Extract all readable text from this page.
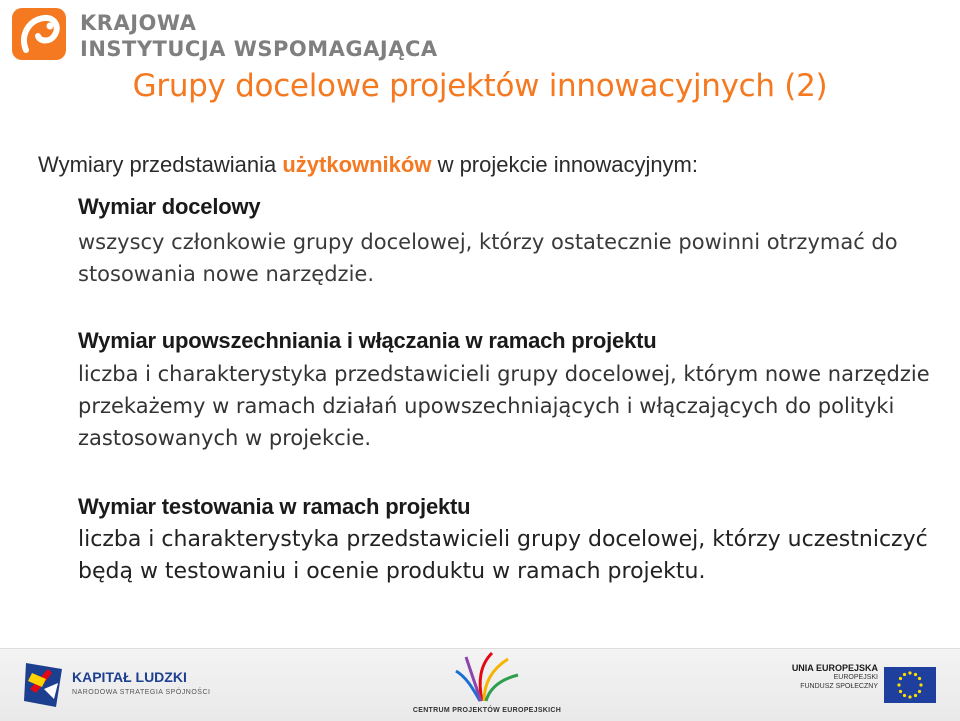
KRAJOWA
INSTYTUCJA WSPOMAGAJĄCA
Grupy docelowe projektów innowacyjnych (2)
Wymiary przedstawiania użytkowników w projekcie innowacyjnym:
Wymiar docelowy

wszyscy członkowie grupy docelowej, którzy ostatecznie powinni otrzymać do stosowania nowe narzędzie.

Wymiar upowszechniania i włączania w ramach projektu

liczba i charakterystyka przedstawicieli grupy docelowej, którym nowe narzędzie przekażemy w ramach działań upowszechniających i włączających do polityki zastosowanych w projekcie.

Wymiar testowania w ramach projektu

liczba i charakterystyka przedstawicieli grupy docelowej, którzy uczestniczyć będą w testowaniu i ocenie produktu w ramach projektu.

KAPITAŁ LUDZKI
NARODOWA STRATEGIA SPÓJNOŚCI
CENTRUM PROJEKTÓW EUROPEJSKICH
UNIA EUROPEJSKA
EUROPEJSKI
FUNDUSZ SPOŁECZNY
